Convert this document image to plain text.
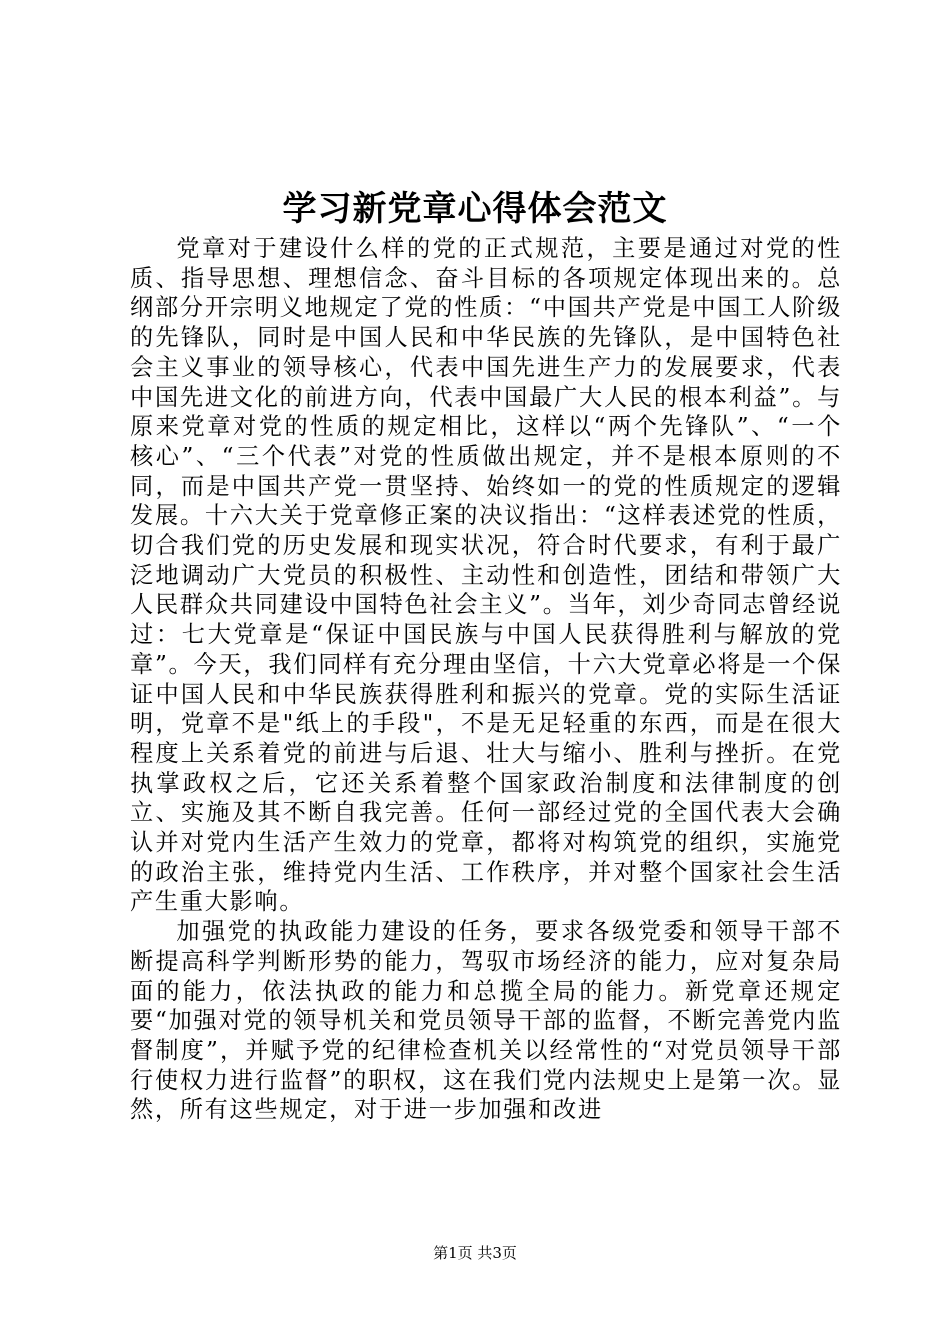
学习新党章心得体会范文

党章对于建设什么样的党的正式规范，主要是通过对党的性质、指导思想、理想信念、奋斗目标的各项规定体现出来的。总纲部分开宗明义地规定了党的性质：“中国共产党是中国工人阶级的先锋队，同时是中国人民和中华民族的先锋队，是中国特色社会主义事业的领导核心，代表中国先进生产力的发展要求，代表中国先进文化的前进方向，代表中国最广大人民的根本利益”。与原来党章对党的性质的规定相比，这样以“两个先锋队”、“一个核心”、“三个代表”对党的性质做出规定，并不是根本原则的不同，而是中国共产党一贯坚持、始终如一的党的性质规定的逻辑发展。十六大关于党章修正案的决议指出：“这样表述党的性质，切合我们党的历史发展和现实状况，符合时代要求，有利于最广泛地调动广大党员的积极性、主动性和创造性，团结和带领广大人民群众共同建设中国特色社会主义”。当年，刘少奇同志曾经说过：七大党章是“保证中国民族与中国人民获得胜利与解放的党章”。今天，我们同样有充分理由坚信，十六大党章必将是一个保证中国人民和中华民族获得胜利和振兴的党章。党的实际生活证明，党章不是"纸上的手段"，不是无足轻重的东西，而是在很大程度上关系着党的前进与后退、壮大与缩小、胜利与挫折。在党执掌政权之后，它还关系着整个国家政治制度和法律制度的创立、实施及其不断自我完善。任何一部经过党的全国代表大会确认并对党内生活产生效力的党章，都将对构筑党的组织，实施党的政治主张，维持党内生活、工作秩序，并对整个国家社会生活产生重大影响。

加强党的执政能力建设的任务，要求各级党委和领导干部不断提高科学判断形势的能力，驾驭市场经济的能力，应对复杂局面的能力，依法执政的能力和总揽全局的能力。新党章还规定要“加强对党的领导机关和党员领导干部的监督，不断完善党内监督制度”，并赋予党的纪律检查机关以经常性的“对党员领导干部行使权力进行监督”的职权，这在我们党内法规史上是第一次。显然，所有这些规定，对于进一步加强和改进

第1页 共3页
